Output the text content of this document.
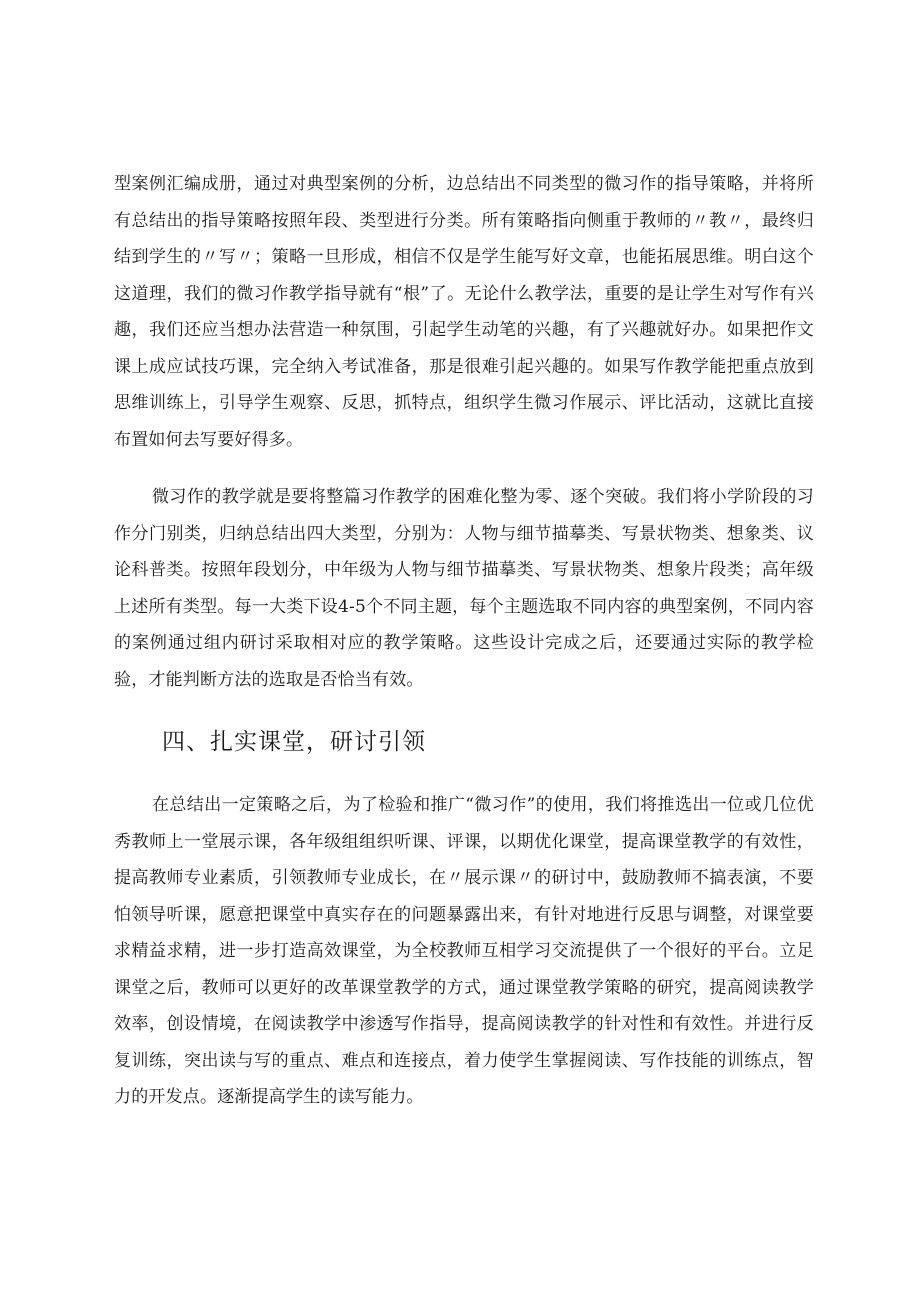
型案例汇编成册，通过对典型案例的分析，边总结出不同类型的微习作的指导策略，并将所有总结出的指导策略按照年段、类型进行分类。所有策略指向侧重于教师的〃教〃，最终归结到学生的〃写〃；策略一旦形成，相信不仅是学生能写好文章，也能拓展思维。明白这个这道理，我们的微习作教学指导就有“根”了。无论什么教学法，重要的是让学生对写作有兴趣，我们还应当想办法营造一种氛围，引起学生动笔的兴趣，有了兴趣就好办。如果把作文课上成应试技巧课，完全纳入考试准备，那是很难引起兴趣的。如果写作教学能把重点放到思维训练上，引导学生观察、反思，抓特点，组织学生微习作展示、评比活动，这就比直接布置如何去写要好得多。

微习作的教学就是要将整篇习作教学的困难化整为零、逐个突破。我们将小学阶段的习作分门别类，归纳总结出四大类型，分别为：人物与细节描摹类、写景状物类、想象类、议论科普类。按照年段划分，中年级为人物与细节描摹类、写景状物类、想象片段类；高年级上述所有类型。每一大类下设4-5个不同主题，每个主题选取不同内容的典型案例，不同内容的案例通过组内研讨采取相对应的教学策略。这些设计完成之后，还要通过实际的教学检验，才能判断方法的选取是否恰当有效。

四、扎实课堂，研讨引领

在总结出一定策略之后，为了检验和推广“微习作”的使用，我们将推选出一位或几位优秀教师上一堂展示课，各年级组组织听课、评课，以期优化课堂，提高课堂教学的有效性，提高教师专业素质，引领教师专业成长，在〃展示课〃的研讨中，鼓励教师不搞表演，不要怕领导听课，愿意把课堂中真实存在的问题暴露出来，有针对地进行反思与调整，对课堂要求精益求精，进一步打造高效课堂，为全校教师互相学习交流提供了一个很好的平台。立足课堂之后，教师可以更好的改革课堂教学的方式，通过课堂教学策略的研究，提高阅读教学效率，创设情境，在阅读教学中渗透写作指导，提高阅读教学的针对性和有效性。并进行反复训练，突出读与写的重点、难点和连接点，着力使学生掌握阅读、写作技能的训练点，智力的开发点。逐渐提高学生的读写能力。
